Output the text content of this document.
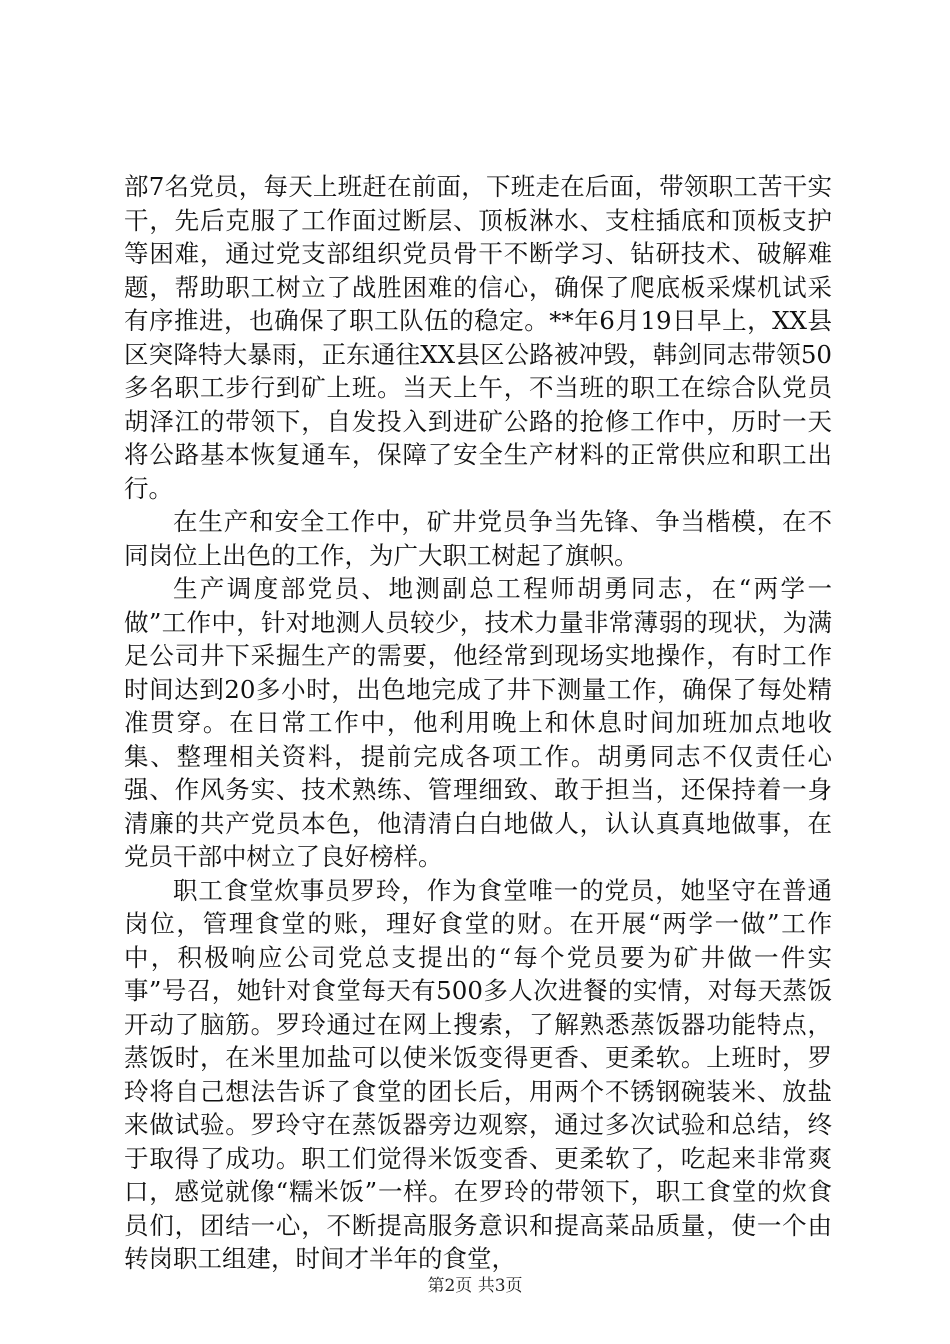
部7名党员，每天上班赶在前面，下班走在后面，带领职工苦干实干，先后克服了工作面过断层、顶板淋水、支柱插底和顶板支护等困难，通过党支部组织党员骨干不断学习、钻研技术、破解难题，帮助职工树立了战胜困难的信心，确保了爬底板采煤机试采有序推进，也确保了职工队伍的稳定。**年6月19日早上，XX县区突降特大暴雨，正东通往XX县区公路被冲毁，韩剑同志带领50多名职工步行到矿上班。当天上午，不当班的职工在综合队党员胡泽江的带领下，自发投入到进矿公路的抢修工作中，历时一天将公路基本恢复通车，保障了安全生产材料的正常供应和职工出行。

在生产和安全工作中，矿井党员争当先锋、争当楷模，在不同岗位上出色的工作，为广大职工树起了旗帜。

生产调度部党员、地测副总工程师胡勇同志，在“两学一做”工作中，针对地测人员较少，技术力量非常薄弱的现状，为满足公司井下采掘生产的需要，他经常到现场实地操作，有时工作时间达到20多小时，出色地完成了井下测量工作，确保了每处精准贯穿。在日常工作中，他利用晚上和休息时间加班加点地收集、整理相关资料，提前完成各项工作。胡勇同志不仅责任心强、作风务实、技术熟练、管理细致、敢于担当，还保持着一身清廉的共产党员本色，他清清白白地做人，认认真真地做事，在党员干部中树立了良好榜样。

职工食堂炊事员罗玲，作为食堂唯一的党员，她坚守在普通岗位，管理食堂的账，理好食堂的财。在开展“两学一做”工作中，积极响应公司党总支提出的“每个党员要为矿井做一件实事”号召，她针对食堂每天有500多人次进餐的实情，对每天蒸饭开动了脑筋。罗玲通过在网上搜索，了解熟悉蒸饭器功能特点，蒸饭时，在米里加盐可以使米饭变得更香、更柔软。上班时，罗玲将自己想法告诉了食堂的团长后，用两个不锈钢碗装米、放盐来做试验。罗玲守在蒸饭器旁边观察，通过多次试验和总结，终于取得了成功。职工们觉得米饭变香、更柔软了，吃起来非常爽口，感觉就像“糯米饭”一样。在罗玲的带领下，职工食堂的炊食员们，团结一心，不断提高服务意识和提高菜品质量，使一个由转岗职工组建，时间才半年的食堂，

第2页 共3页
